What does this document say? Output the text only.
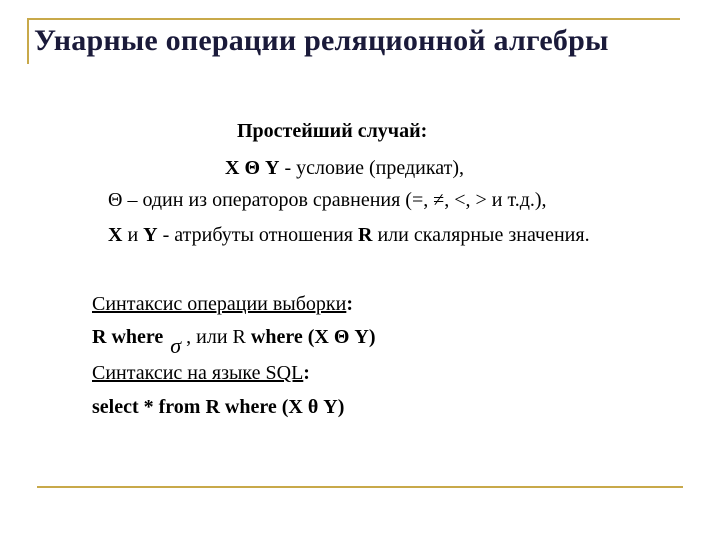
Унарные операции реляционной алгебры

Простейший случай:

X Θ Y - условие (предикат),

Θ – один из операторов сравнения (=, ≠, <, > и т.д.),

X и Y - атрибуты отношения R или скалярные значения.

Синтаксис операции выборки:

R where σ , или R where (X Θ Y)

Синтаксис на языке SQL:

select * from R where (X θ Y)
